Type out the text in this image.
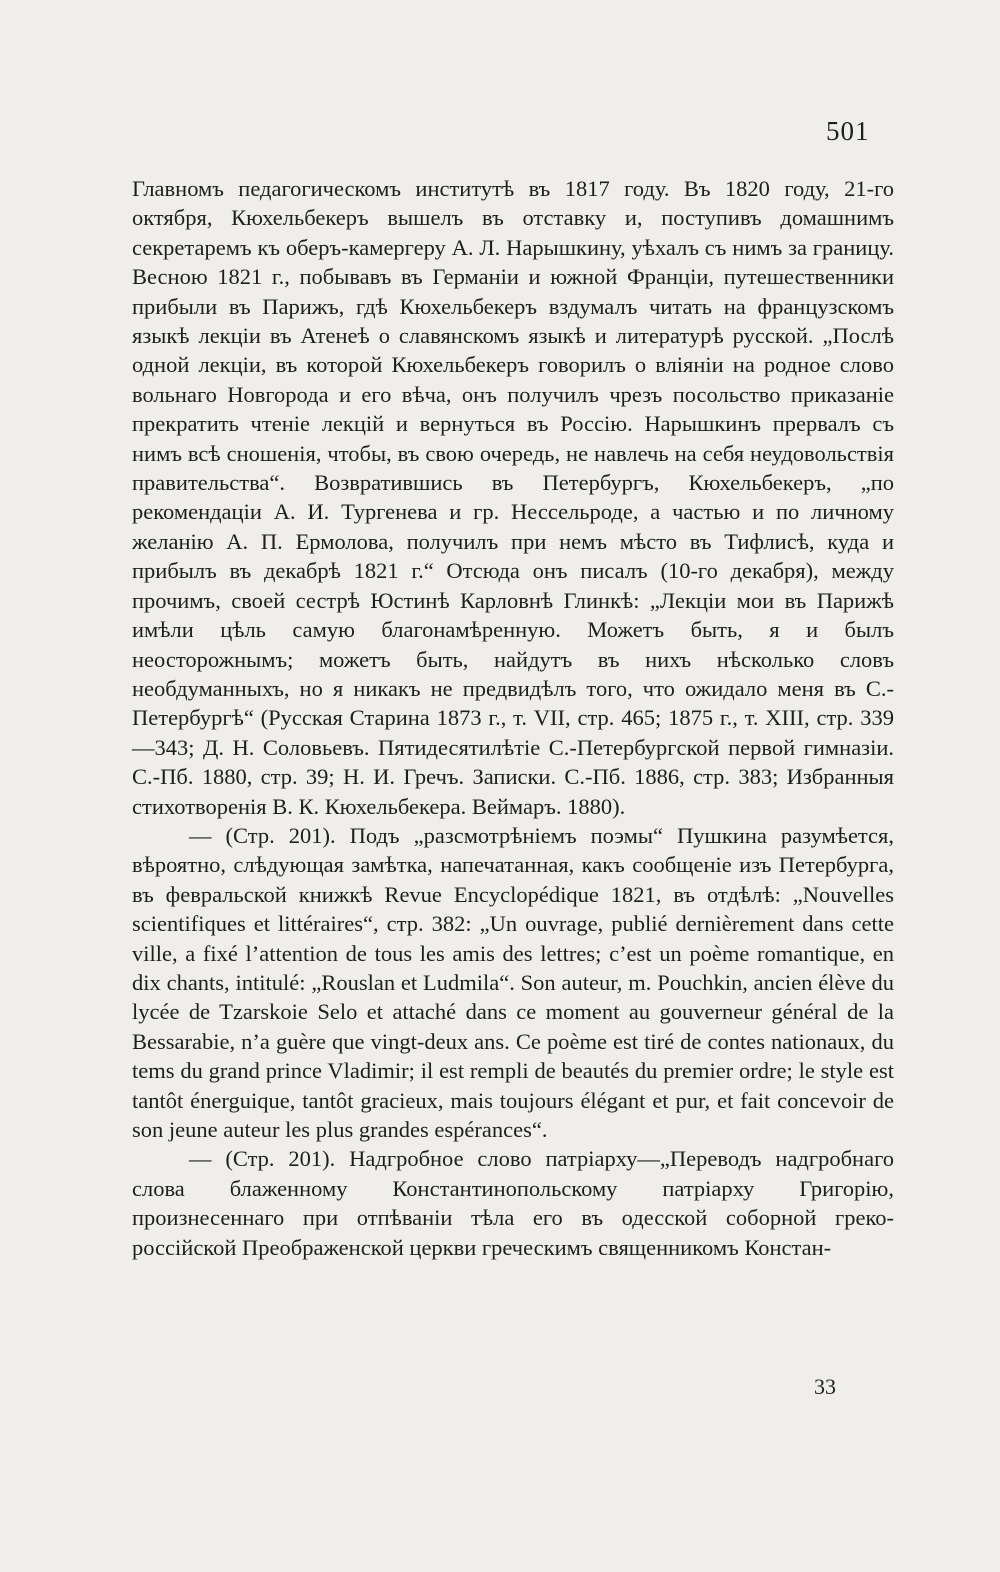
501

Главномъ педагогическомъ институтѣ въ 1817 году. Въ 1820 году, 21-го октября, Кюхельбекеръ вышелъ въ отставку и, поступивъ домашнимъ секретаремъ къ оберъ-камергеру А. Л. Нарышкину, уѣхалъ съ нимъ за границу. Весною 1821 г., побывавъ въ Германіи и южной Франціи, путешественники прибыли въ Парижъ, гдѣ Кюхельбекеръ вздумалъ читать на французскомъ языкѣ лекціи въ Атенеѣ о славянскомъ языкѣ и литературѣ русской. „Послѣ одной лекціи, въ которой Кюхельбекеръ говорилъ о вліяніи на родное слово вольнаго Новгорода и его вѣча, онъ получилъ чрезъ посольство приказаніе прекратить чтеніе лекцій и вернуться въ Россію. Нарышкинъ прервалъ съ нимъ всѣ сношенія, чтобы, въ свою очередь, не навлечь на себя неудовольствія правительства“. Возвратившись въ Петербургъ, Кюхельбекеръ, „по рекомендаціи А. И. Тургенева и гр. Нессельроде, а частью и по личному желанію А. П. Ермолова, получилъ при немъ мѣсто въ Тифлисѣ, куда и прибылъ въ декабрѣ 1821 г.“ Отсюда онъ писалъ (10-го декабря), между прочимъ, своей сестрѣ Юстинѣ Карловнѣ Глинкѣ: „Лекціи мои въ Парижѣ имѣли цѣль самую благонамѣренную. Можетъ быть, я и былъ неосторожнымъ; можетъ быть, найдутъ въ нихъ нѣсколько словъ необдуманныхъ, но я никакъ не предвидѣлъ того, что ожидало меня въ С.-Петербургѣ“ (Русская Старина 1873 г., т. VII, стр. 465; 1875 г., т. XIII, стр. 339—343; Д. Н. Соловьевъ. Пятидесятилѣтіе С.-Петербургской первой гимназіи. С.-Пб. 1880, стр. 39; Н. И. Гречъ. Записки. С.-Пб. 1886, стр. 383; Избранныя стихотворенія В. К. Кюхельбекера. Веймаръ. 1880).

— (Стр. 201). Подъ „разсмотрѣніемъ поэмы“ Пушкина разумѣется, вѣроятно, слѣдующая замѣтка, напечатанная, какъ сообщеніе изъ Петербурга, въ февральской книжкѣ Revue Encyclopédique 1821, въ отдѣлѣ: „Nouvelles scientifiques et littéraires“, стр. 382: „Un ouvrage, publié dernièrement dans cette ville, a fixé l’attention de tous les amis des lettres; c’est un poème romantique, en dix chants, intitulé: „Rouslan et Ludmila“. Son auteur, m. Pouchkin, ancien élève du lycée de Tzarskoie Selo et attaché dans ce moment au gouverneur général de la Bessarabie, n’a guère que vingt-deux ans. Ce poème est tiré de contes nationaux, du tems du grand prince Vladimir; il est rempli de beautés du premier ordre; le style est tantôt énerguique, tantôt gracieux, mais toujours élégant et pur, et fait concevoir de son jeune auteur les plus grandes espérances“.

— (Стр. 201). Надгробное слово патріарху—„Переводъ надгробнаго слова блаженному Константинопольскому патріарху Григорію, произнесеннаго при отпѣваніи тѣла его въ одесской соборной греко-россійской Преображенской церкви греческимъ священникомъ Констан-

33
